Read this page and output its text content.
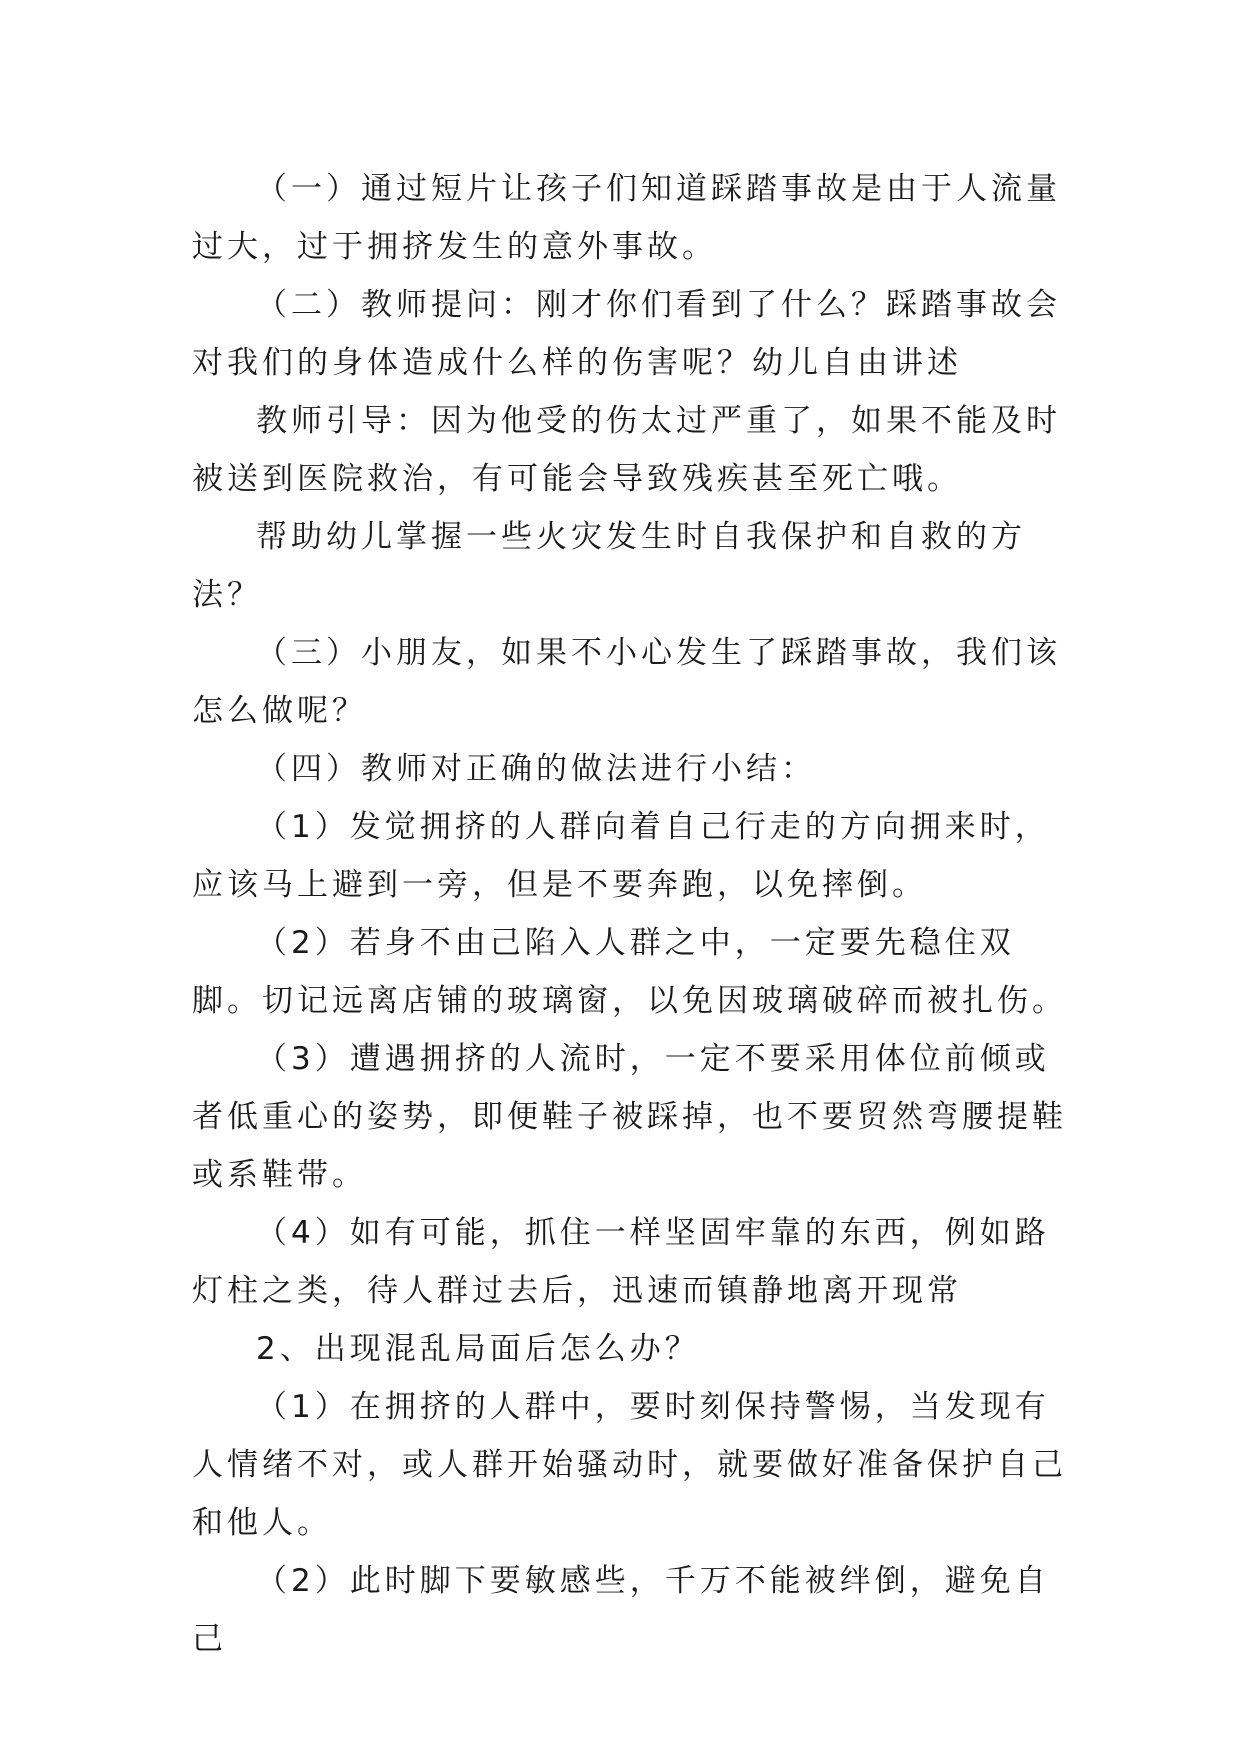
（一）通过短片让孩子们知道踩踏事故是由于人流量过大，过于拥挤发生的意外事故。

（二）教师提问：刚才你们看到了什么？踩踏事故会对我们的身体造成什么样的伤害呢？幼儿自由讲述

教师引导：因为他受的伤太过严重了，如果不能及时被送到医院救治，有可能会导致残疾甚至死亡哦。

帮助幼儿掌握一些火灾发生时自我保护和自救的方法？

（三）小朋友，如果不小心发生了踩踏事故，我们该怎么做呢？

（四）教师对正确的做法进行小结：

（1）发觉拥挤的人群向着自己行走的方向拥来时，应该马上避到一旁，但是不要奔跑，以免摔倒。

（2）若身不由己陷入人群之中，一定要先稳住双脚。切记远离店铺的玻璃窗，以免因玻璃破碎而被扎伤。

（3）遭遇拥挤的人流时，一定不要采用体位前倾或者低重心的姿势，即便鞋子被踩掉，也不要贸然弯腰提鞋或系鞋带。

（4）如有可能，抓住一样坚固牢靠的东西，例如路灯柱之类，待人群过去后，迅速而镇静地离开现常

2、出现混乱局面后怎么办？

（1）在拥挤的人群中，要时刻保持警惕，当发现有人情绪不对，或人群开始骚动时，就要做好准备保护自己和他人。

（2）此时脚下要敏感些，千万不能被绊倒，避免自己
